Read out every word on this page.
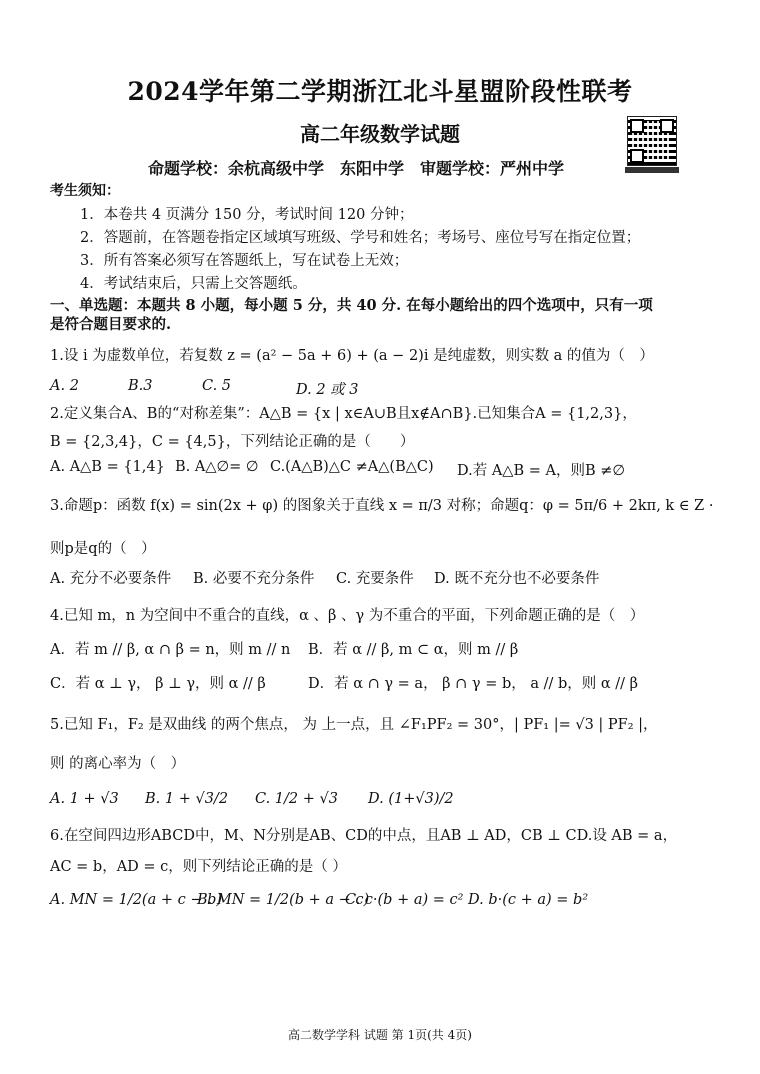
2024学年第二学期浙江北斗星盟阶段性联考
高二年级数学试题
命题学校：余杭高级中学　东阳中学　审题学校：严州中学
考生须知：
1．本卷共 4 页满分 150 分，考试时间 120 分钟；
2．答题前，在答题卷指定区域填写班级、学号和姓名；考场号、座位号写在指定位置；
3．所有答案必须写在答题纸上，写在试卷上无效；
4．考试结束后，只需上交答题纸。
一、单选题：本题共 8 小题，每小题 5 分，共 40 分. 在每小题给出的四个选项中，只有一项
是符合题目要求的.
1.设 i 为虚数单位，若复数 z = (a² − 5a + 6) + (a − 2)i 是纯虚数，则实数 a 的值为（　）
A. 2	B.3	C. 5	D. 2 或 3
2.定义集合A、B的“对称差集”：A△B = {x | x∈A∪B且x∉A∩B}.已知集合A = {1,2,3}，
B = {2,3,4}，C = {4,5}，下列结论正确的是（　　）
A. A△B = {1,4} B. A△∅= ∅ C.(A△B)△C ≠A△(B△C) D.若 A△B = A，则B ≠∅
3.命题p：函数 f(x) = sin(2x + φ) 的图象关于直线 x = π/3 对称；命题q：φ = 5π/6 + 2kπ, k ∈ Z ·
则p是q的（　）
A. 充分不必要条件 B. 必要不充分条件 C. 充要条件 D. 既不充分也不必要条件
4.已知 m，n 为空间中不重合的直线，α 、β 、γ 为不重合的平面，下列命题正确的是（　）
A．若 m // β, α ∩ β = n，则 m // n B．若 α // β, m ⊂ α，则 m // β
C．若 α ⊥ γ， β ⊥ γ，则 α // β	D．若 α ∩ γ = a， β ∩ γ = b， a // b，则 α // β
5.已知 F₁，F₂ 是双曲线 的两个焦点， 为 上一点，且 ∠F₁PF₂ = 30°，| PF₁ |= √3 | PF₂ |，
则 的离心率为（　）
A. 1 + √3 B. 1 + √3/2 C. 1/2 + √3 D. (1+√3)/2
6.在空间四边形ABCD中，M、N分别是AB、CD的中点，且AB ⊥ AD，CB ⊥ CD.设 AB = a，
AC = b，AD = c，则下列结论正确的是（ ）
A. MN = 1/2(a + c − b)
B. MN = 1/2(b + a − c)
C. c·(b + a) = c² D. b·(c + a) = b²
高二数学学科 试题 第 1页(共 4页)
